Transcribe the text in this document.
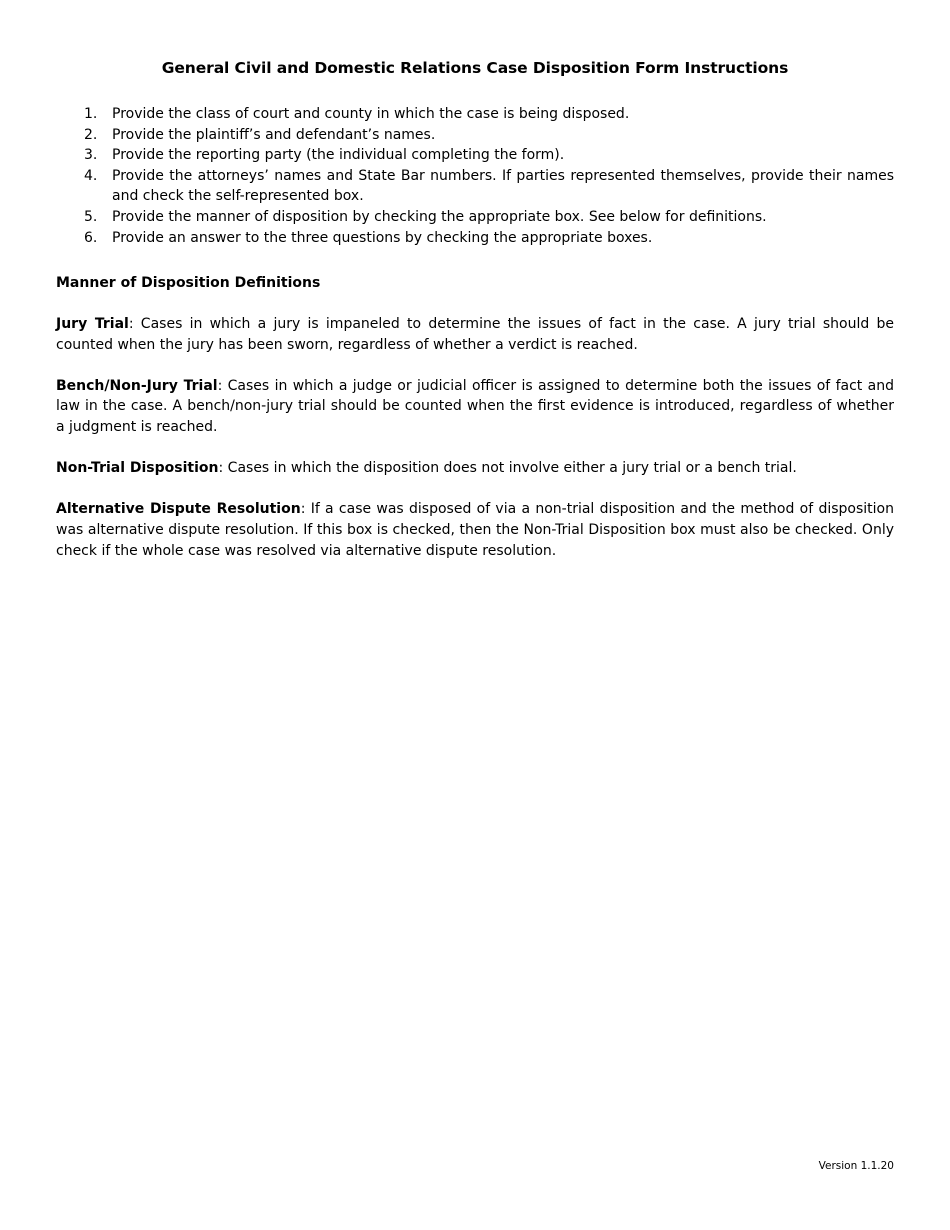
General Civil and Domestic Relations Case Disposition Form Instructions
1.	Provide the class of court and county in which the case is being disposed.
2.	Provide the plaintiff’s and defendant’s names.
3.	Provide the reporting party (the individual completing the form).
4.	Provide the attorneys’ names and State Bar numbers. If parties represented themselves, provide their names and check the self-represented box.
5.	Provide the manner of disposition by checking the appropriate box. See below for definitions.
6.	Provide an answer to the three questions by checking the appropriate boxes.
Manner of Disposition Definitions

Jury Trial: Cases in which a jury is impaneled to determine the issues of fact in the case. A jury trial should be counted when the jury has been sworn, regardless of whether a verdict is reached.

Bench/Non-Jury Trial: Cases in which a judge or judicial officer is assigned to determine both the issues of fact and law in the case. A bench/non-jury trial should be counted when the first evidence is introduced, regardless of whether a judgment is reached.

Non-Trial Disposition: Cases in which the disposition does not involve either a jury trial or a bench trial.

Alternative Dispute Resolution: If a case was disposed of via a non-trial disposition and the method of disposition was alternative dispute resolution. If this box is checked, then the Non-Trial Disposition box must also be checked. Only check if the whole case was resolved via alternative dispute resolution.

Version 1.1.20
